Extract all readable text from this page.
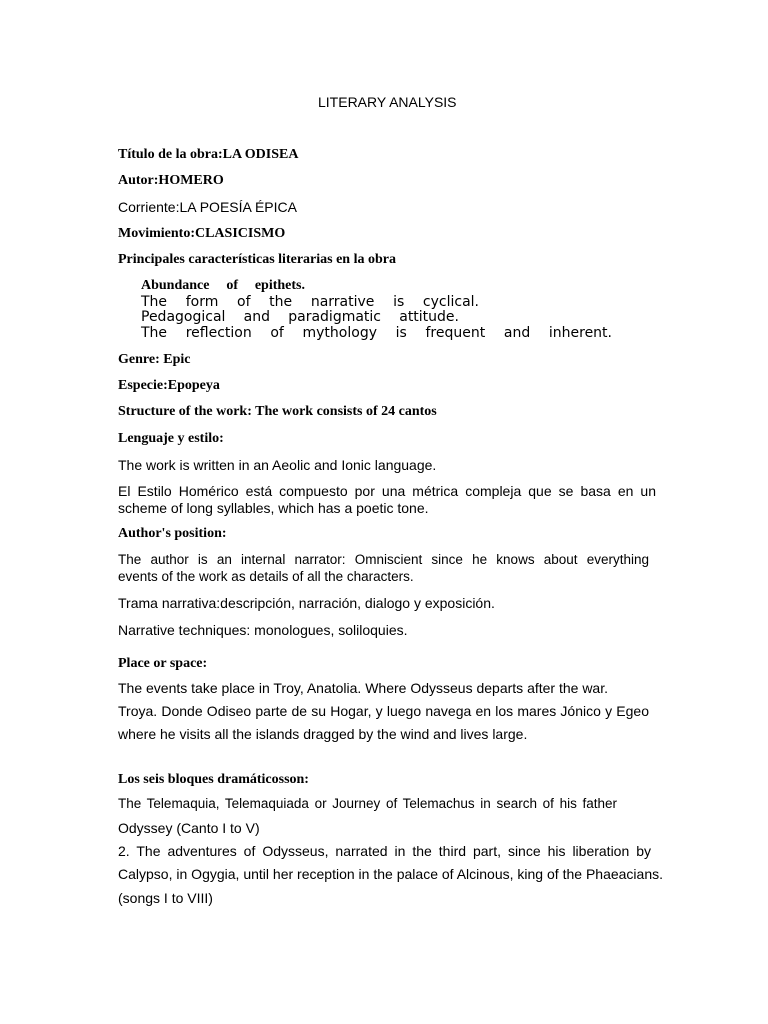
LITERARY ANALYSIS

Título de la obra:LA ODISEA

Autor:HOMERO

Corriente:LA POESÍA ÉPICA

Movimiento:CLASICISMO

Principales características literarias en la obra

Abundance of epithets.

The form of the narrative is cyclical.

Pedagogical and paradigmatic attitude.

The reflection of mythology is frequent and inherent.

Genre: Epic

Especie:Epopeya

Structure of the work: The work consists of 24 cantos

Lenguaje y estilo:

The work is written in an Aeolic and Ionic language.

El Estilo Homérico está compuesto por una métrica compleja que se basa en un

scheme of long syllables, which has a poetic tone.

Author's position:

The author is an internal narrator: Omniscient since he knows about everything

events of the work as details of all the characters.

Trama narrativa:descripción, narración, dialogo y exposición.

Narrative techniques: monologues, soliloquies.

Place or space:

The events take place in Troy, Anatolia. Where Odysseus departs after the war.

Troya. Donde Odiseo parte de su Hogar, y luego navega en los mares Jónico y Egeo

where he visits all the islands dragged by the wind and lives large.

Los seis bloques dramáticosson:

The Telemaquia, Telemaquiada or Journey of Telemachus in search of his father

Odyssey (Canto I to V)

2. The adventures of Odysseus, narrated in the third part, since his liberation by

Calypso, in Ogygia, until her reception in the palace of Alcinous, king of the Phaeacians.

(songs I to VIII)
